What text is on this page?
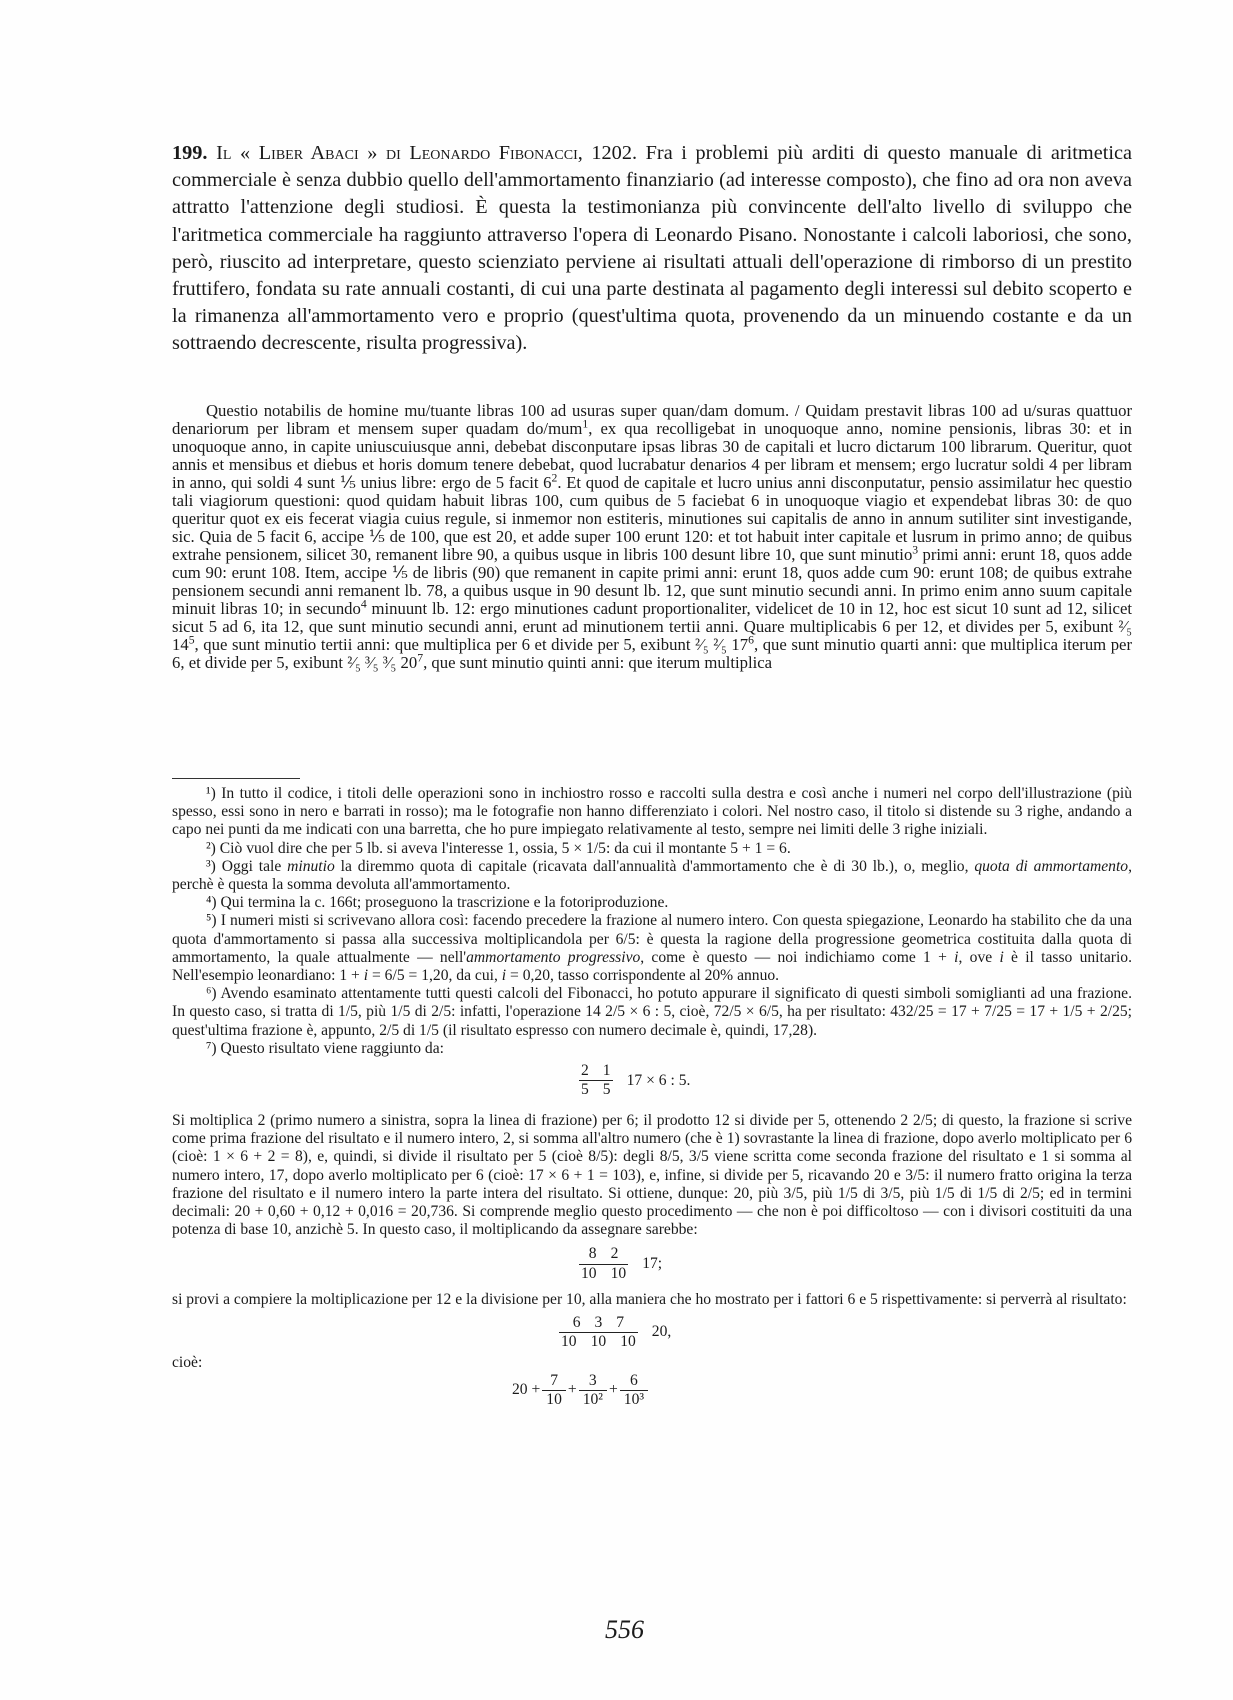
199. Il « Liber Abaci » di Leonardo Fibonacci, 1202. Fra i problemi più arditi di questo manuale di aritmetica commerciale è senza dubbio quello dell'ammortamento finanziario (ad interesse composto), che fino ad ora non aveva attratto l'attenzione degli studiosi. È questa la testimonianza più convincente dell'alto livello di sviluppo che l'aritmetica commerciale ha raggiunto attraverso l'opera di Leonardo Pisano. Nonostante i calcoli laboriosi, che sono, però, riuscito ad interpretare, questo scienziato perviene ai risultati attuali dell'operazione di rimborso di un prestito fruttifero, fondata su rate annuali costanti, di cui una parte destinata al pagamento degli interessi sul debito scoperto e la rimanenza all'ammortamento vero e proprio (quest'ultima quota, provenendo da un minuendo costante e da un sottraendo decrescente, risulta progressiva).

Questio notabilis de homine mu/tuante libras 100 ad usuras super quan/dam domum. / Quidam prestavit libras 100 ad u/suras quattuor denariorum per libram et mensem super quadam do/mum$^1$, ex qua recolligebat in unoquoque anno, nomine pensionis, libras 30: et in unoquoque anno, in capite uniuscuiusque anni, debebat disconputare ipsas libras 30 de capitali et lucro dictarum 100 librarum. Queritur, quot annis et mensibus et diebus et horis domum tenere debebat, quod lucrabatur denarios 4 per libram et mensem; ergo lucratur soldi 4 per libram in anno, qui soldi 4 sunt ⅕ unius libre: ergo de 5 facit $6^2$. Et quod de capitale et lucro unius anni disconputatur, pensio assimilatur hec questio tali viagiorum questioni: quod quidam habuit libras 100, cum quibus de 5 faciebat 6 in unoquoque viagio et expendebat libras 30: de quo queritur quot ex eis fecerat viagia cuius regule, si inmemor non estiteris, minutiones sui capitalis de anno in annum sutiliter sint investigande, sic. Quia de 5 facit 6, accipe ⅕ de 100, que est 20, et adde super 100 erunt 120: et tot habuit inter capitale et lusrum in primo anno; de quibus extrahe pensionem, silicet 30, remanent libre 90, a quibus usque in libris 100 desunt libre 10, que sunt minutio$^3$ primi anni: erunt 18, quos adde cum 90: erunt 108. Item, accipe ⅕ de libris (90) que remanent in capite primi anni: erunt 18, quos adde cum 90: erunt 108; de quibus extrahe pensionem secundi anni remanent lb. 78, a quibus usque in 90 desunt lb. 12, que sunt minutio secundi anni. In primo enim anno suum capitale minuit libras 10; in secundo$^4$ minuunt lb. 12: ergo minutiones cadunt proportionaliter, videlicet de 10 in 12, hoc est sicut 10 sunt ad 12, silicet sicut 5 ad 6, ita 12, que sunt minutio secundi anni, erunt ad minutionem tertii anni. Quare multiplicabis 6 per 12, et divides per 5, exibunt ²⁄₅ $14^5$, que sunt minutio tertii anni: que multiplica per 6 et divide per 5, exibunt ²⁄₅ ²⁄₅ $17^6$, que sunt minutio quarti anni: que multiplica iterum per 6, et divide per 5, exibunt ²⁄₅ ³⁄₅ ³⁄₅ $20^7$, que sunt minutio quinti anni: que iterum multiplica

¹) In tutto il codice, i titoli delle operazioni sono in inchiostro rosso e raccolti sulla destra e così anche i numeri nel corpo dell'illustrazione (più spesso, essi sono in nero e barrati in rosso); ma le fotografie non hanno differenziato i colori. Nel nostro caso, il titolo si distende su 3 righe, andando a capo nei punti da me indicati con una barretta, che ho pure impiegato relativamente al testo, sempre nei limiti delle 3 righe iniziali.

²) Ciò vuol dire che per 5 lb. si aveva l'interesse 1, ossia, 5 × 1/5: da cui il montante 5 + 1 = 6.

³) Oggi tale minutio la diremmo quota di capitale (ricavata dall'annualità d'ammortamento che è di 30 lb.), o, meglio, quota di ammortamento, perchè è questa la somma devoluta all'ammortamento.

⁴) Qui termina la c. 166t; proseguono la trascrizione e la fotoriproduzione.

⁵) I numeri misti si scrivevano allora così: facendo precedere la frazione al numero intero. Con questa spiegazione, Leonardo ha stabilito che da una quota d'ammortamento si passa alla successiva moltiplicandola per 6/5: è questa la ragione della progressione geometrica costituita dalla quota di ammortamento, la quale attualmente — nell'ammortamento progressivo, come è questo — noi indichiamo come 1 + i, ove i è il tasso unitario. Nell'esempio leonardiano: 1 + i = 6/5 = 1,20, da cui, i = 0,20, tasso corrispondente al 20% annuo.

⁶) Avendo esaminato attentamente tutti questi calcoli del Fibonacci, ho potuto appurare il significato di questi simboli somiglianti ad una frazione. In questo caso, si tratta di 1/5, più 1/5 di 2/5: infatti, l'operazione 14 2/5 × 6 : 5, cioè, 72/5 × 6/5, ha per risultato: 432/25 = 17 + 7/25 = 17 + 1/5 + 2/25; quest'ultima frazione è, appunto, 2/5 di 1/5 (il risultato espresso con numero decimale è, quindi, 17,28).

⁷) Questo risultato viene raggiunto da:

$\frac{2 1}{5 5} 17 \times 6$ : 5.

Si moltiplica 2 (primo numero a sinistra, sopra la linea di frazione) per 6; il prodotto 12 si divide per 5, ottenendo 2 2/5; di questo, la frazione si scrive come prima frazione del risultato e il numero intero, 2, si somma all'altro numero (che è 1) sovrastante la linea di frazione, dopo averlo moltiplicato per 6 (cioè: 1 × 6 + 2 = 8), e, quindi, si divide il risultato per 5 (cioè 8/5): degli 8/5, 3/5 viene scritta come seconda frazione del risultato e 1 si somma al numero intero, 17, dopo averlo moltiplicato per 6 (cioè: 17 × 6 + 1 = 103), e, infine, si divide per 5, ricavando 20 e 3/5: il numero fratto origina la terza frazione del risultato e il numero intero la parte intera del risultato. Si ottiene, dunque: 20, più 3/5, più 1/5 di 3/5, più 1/5 di 1/5 di 2/5; ed in termini decimali: 20 + 0,60 + 0,12 + 0,016 = 20,736. Si comprende meglio questo procedimento — che non è poi difficoltoso — con i divisori costituiti da una potenza di base 10, anzichè 5. In questo caso, il moltiplicando da assegnare sarebbe:

$\frac{8 2}{10 10} 17$;

si provi a compiere la moltiplicazione per 12 e la divisione per 10, alla maniera che ho mostrato per i fattori 6 e 5 rispettivamente: si perverrà al risultato:

$\frac{6 3 7}{10 10 10} 20$,

cioè:

$20 + \frac{7}{10} + \frac{3}{\text{10²}} + \frac{6}{\text{10³}}$
556
